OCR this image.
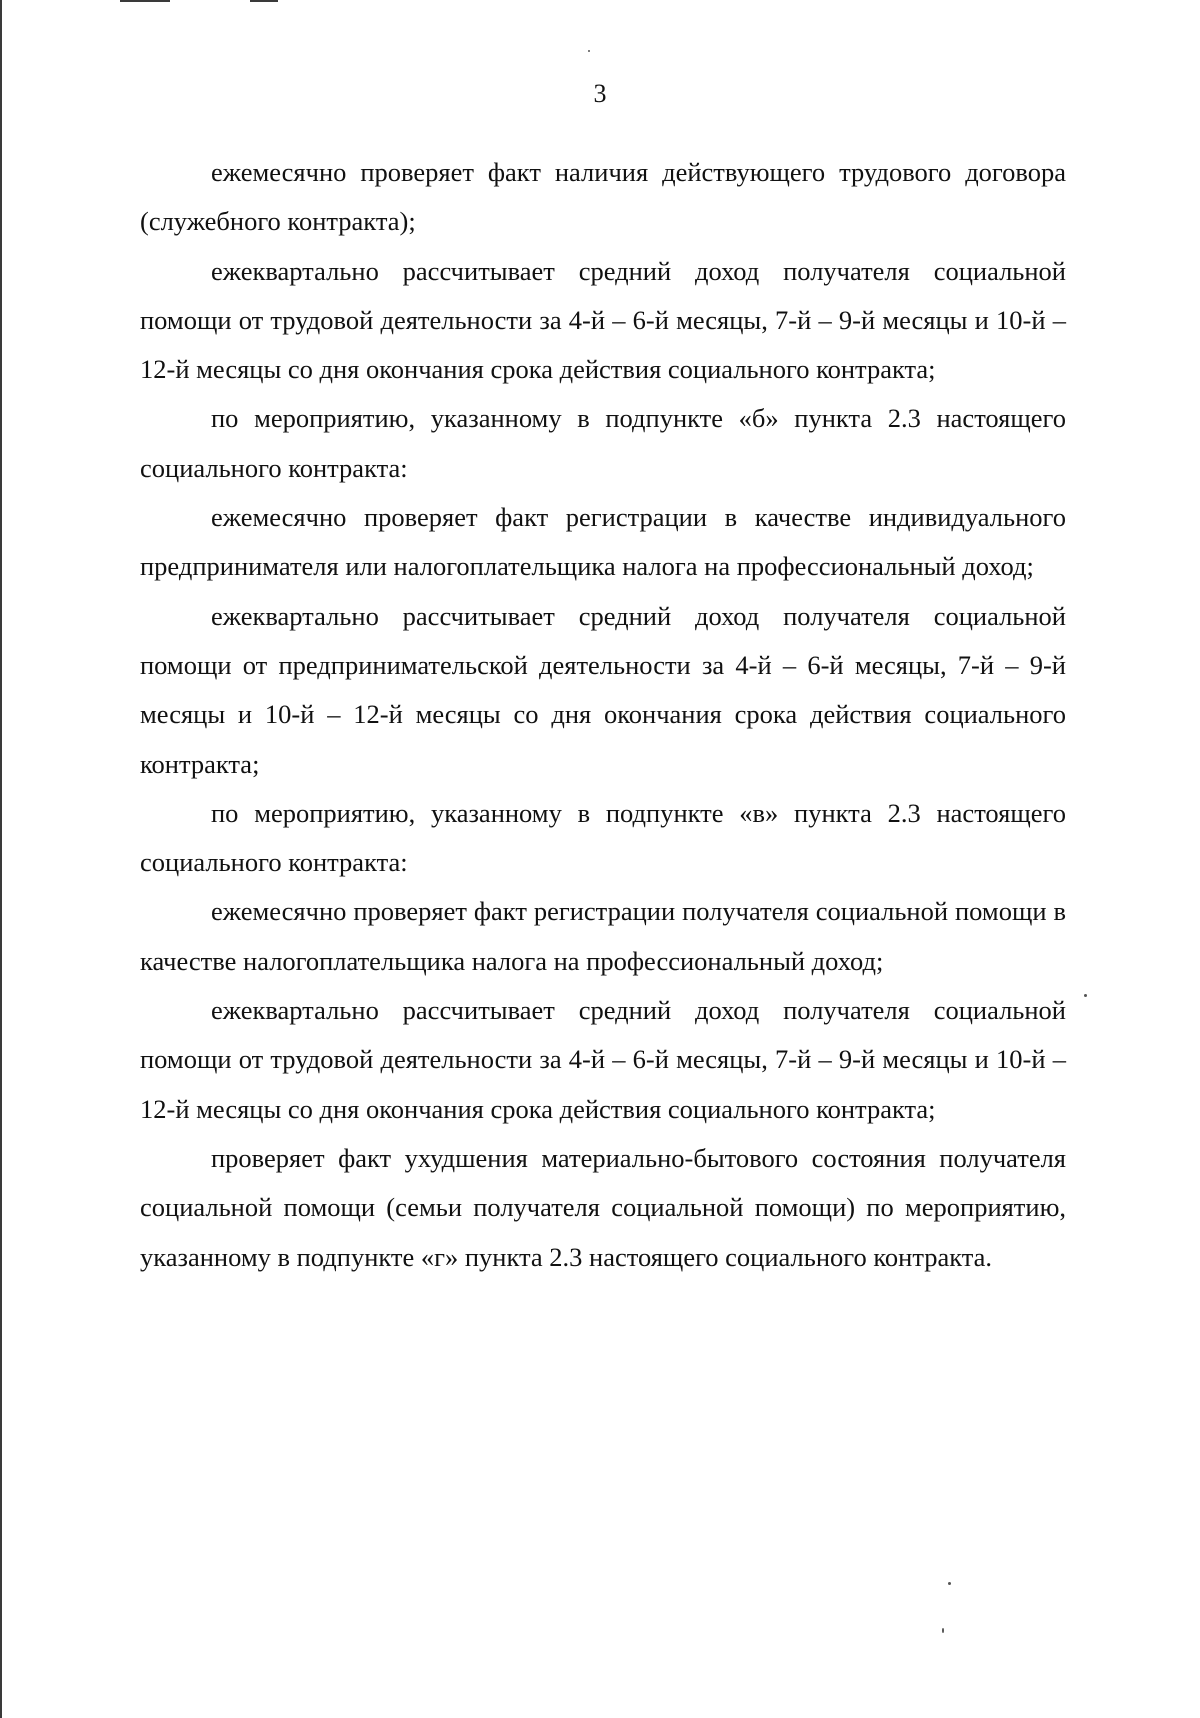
3

ежемесячно проверяет факт наличия действующего трудового договора (служебного контракта);

ежеквартально рассчитывает средний доход получателя социальной помощи от трудовой деятельности за 4-й – 6-й месяцы, 7-й – 9-й месяцы и 10-й – 12-й месяцы со дня окончания срока действия социального контракта;

по мероприятию, указанному в подпункте «б» пункта 2.3 настоящего социального контракта:

ежемесячно проверяет факт регистрации в качестве индивидуального предпринимателя или налогоплательщика налога на профессиональный доход;

ежеквартально рассчитывает средний доход получателя социальной помощи от предпринимательской деятельности за 4-й – 6-й месяцы, 7-й – 9-й месяцы и 10-й – 12-й месяцы со дня окончания срока действия социального контракта;

по мероприятию, указанному в подпункте «в» пункта 2.3 настоящего социального контракта:

ежемесячно проверяет факт регистрации получателя социальной помощи в качестве налогоплательщика налога на профессиональный доход;

ежеквартально рассчитывает средний доход получателя социальной помощи от трудовой деятельности за 4-й – 6-й месяцы, 7-й – 9-й месяцы и 10-й – 12-й месяцы со дня окончания срока действия социального контракта;

проверяет факт ухудшения материально-бытового состояния получателя социальной помощи (семьи получателя социальной помощи) по мероприятию, указанному в подпункте «г» пункта 2.3 настоящего социального контракта.
